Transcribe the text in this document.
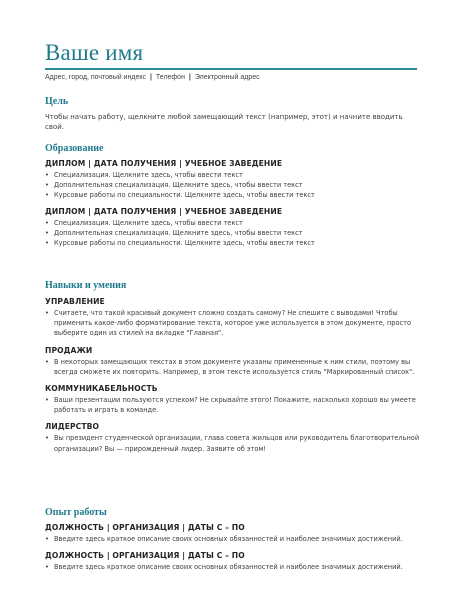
Ваше имя
Адрес, город, почтовый индекс | Телефон | Электронный адрес
Цель
Чтобы начать работу, щелкните любой замещающий текст (например, этот) и начните вводить свой.
Образование
ДИПЛОМ | ДАТА ПОЛУЧЕНИЯ | УЧЕБНОЕ ЗАВЕДЕНИЕ
• Специализация. Щелкните здесь, чтобы ввести текст
• Дополнительная специализация. Щелкните здесь, чтобы ввести текст
• Курсовые работы по специальности. Щелкните здесь, чтобы ввести текст
ДИПЛОМ | ДАТА ПОЛУЧЕНИЯ | УЧЕБНОЕ ЗАВЕДЕНИЕ
• Специализация. Щелкните здесь, чтобы ввести текст
• Дополнительная специализация. Щелкните здесь, чтобы ввести текст
• Курсовые работы по специальности. Щелкните здесь, чтобы ввести текст
Навыки и умения
УПРАВЛЕНИЕ
• Считаете, что такой красивый документ сложно создать самому? Не спешите с выводами! Чтобы применить какое-либо форматирование текста, которое уже используется в этом документе, просто выберите один из стилей на вкладке "Главная".
ПРОДАЖИ
• В некоторых замещающих текстах в этом документе указаны примененные к ним стили, поэтому вы всегда сможете их повторить. Например, в этом тексте используется стиль "Маркированный список".
КОММУНИКАБЕЛЬНОСТЬ
• Ваши презентации пользуются успехом? Не скрывайте этого! Покажите, насколько хорошо вы умеете работать и играть в команде.
ЛИДЕРСТВО
• Вы президент студенческой организации, глава совета жильцов или руководитель благотворительной организации? Вы — прирожденный лидер. Заявите об этом!
Опыт работы
ДОЛЖНОСТЬ | ОРГАНИЗАЦИЯ | ДАТЫ С – ПО
• Введите здесь краткое описание своих основных обязанностей и наиболее значимых достижений.
ДОЛЖНОСТЬ | ОРГАНИЗАЦИЯ | ДАТЫ С – ПО
• Введите здесь краткое описание своих основных обязанностей и наиболее значимых достижений.
